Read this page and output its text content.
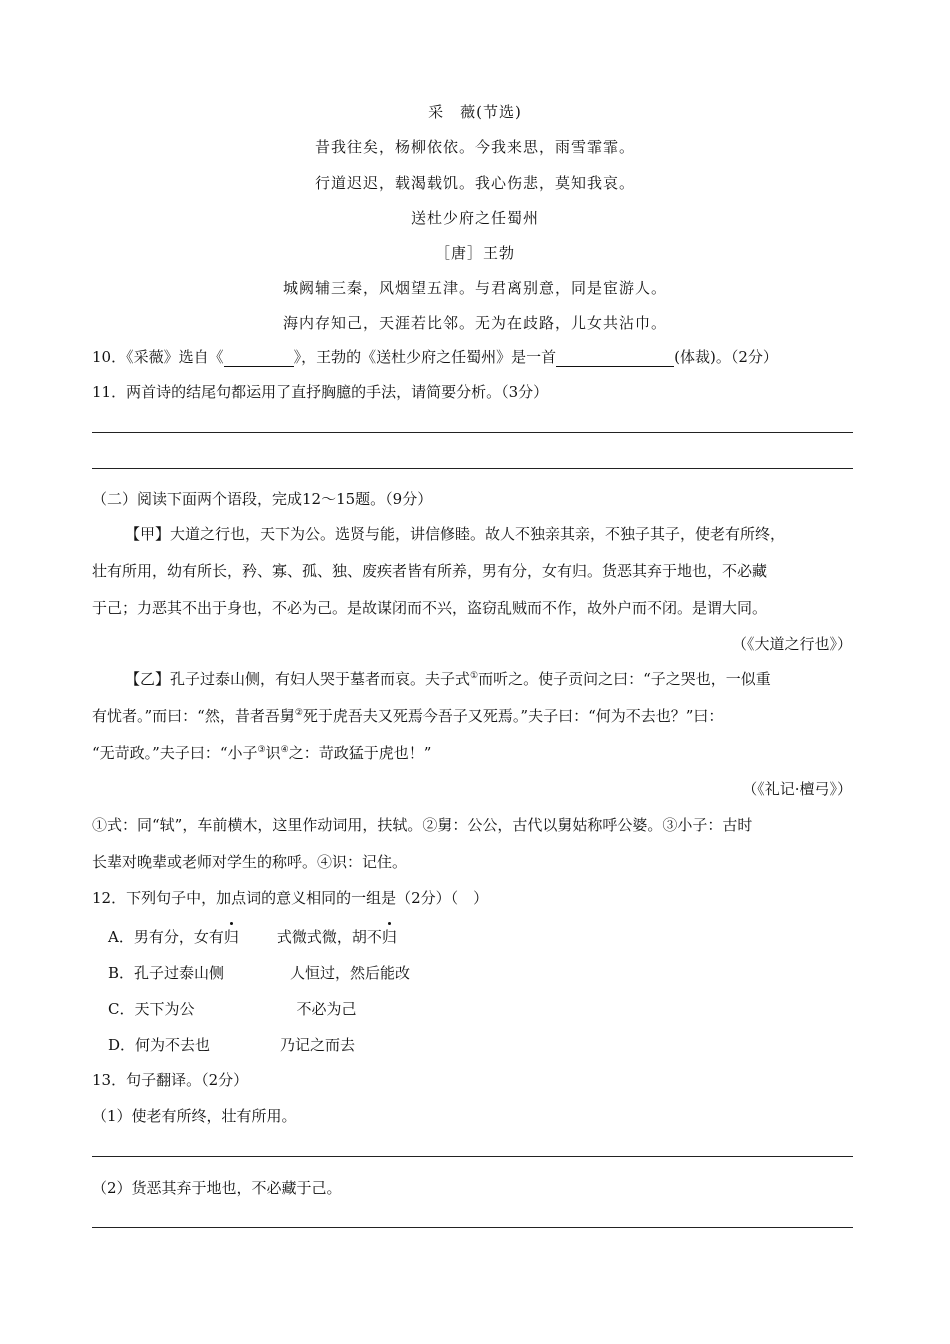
采　薇(节选)
昔我往矣，杨柳依依。今我来思，雨雪霏霏。
行道迟迟，载渴载饥。我心伤悲，莫知我哀。
送杜少府之任蜀州
［唐］王勃
城阙辅三秦，风烟望五津。与君离别意，同是宦游人。
海内存知己，天涯若比邻。无为在歧路，儿女共沾巾。
10．《采薇》选自《	》，王勃的《送杜少府之任蜀州》是一首	(体裁)。（2分）
11．两首诗的结尾句都运用了直抒胸臆的手法，请简要分析。（3分）
（二）阅读下面两个语段，完成12～15题。（9分）
【甲】大道之行也，天下为公。选贤与能，讲信修睦。故人不独亲其亲，不独子其子，使老有所终，
壮有所用，幼有所长，矜、寡、孤、独、废疾者皆有所养，男有分，女有归。货恶其弃于地也，不必藏
于己；力恶其不出于身也，不必为己。是故谋闭而不兴，盗窃乱贼而不作，故外户而不闭。是谓大同。
（《大道之行也》）
【乙】孔子过泰山侧，有妇人哭于墓者而哀。夫子式①而听之。使子贡问之曰：“子之哭也，一似重
有忧者。”而曰：“然，昔者吾舅②死于虎吾夫又死焉今吾子又死焉。”夫子曰：“何为不去也？”曰：
“无苛政。”夫子曰：“小子③识④之：苛政猛于虎也！”
（《礼记·檀弓》）
①式：同“轼”，车前横木，这里作动词用，扶轼。②舅：公公，古代以舅姑称呼公婆。③小子：古时
长辈对晚辈或老师对学生的称呼。④识：记住。
12．下列句子中，加点词的意义相同的一组是（2分）（　）
A．男有分，女有归	式微式微，胡不归
B．孔子过泰山侧	人恒过，然后能改
C．天下为公	不必为己
D．何为不去也	乃记之而去
13．句子翻译。（2分）
（1）使老有所终，壮有所用。
（2）货恶其弃于地也，不必藏于己。
